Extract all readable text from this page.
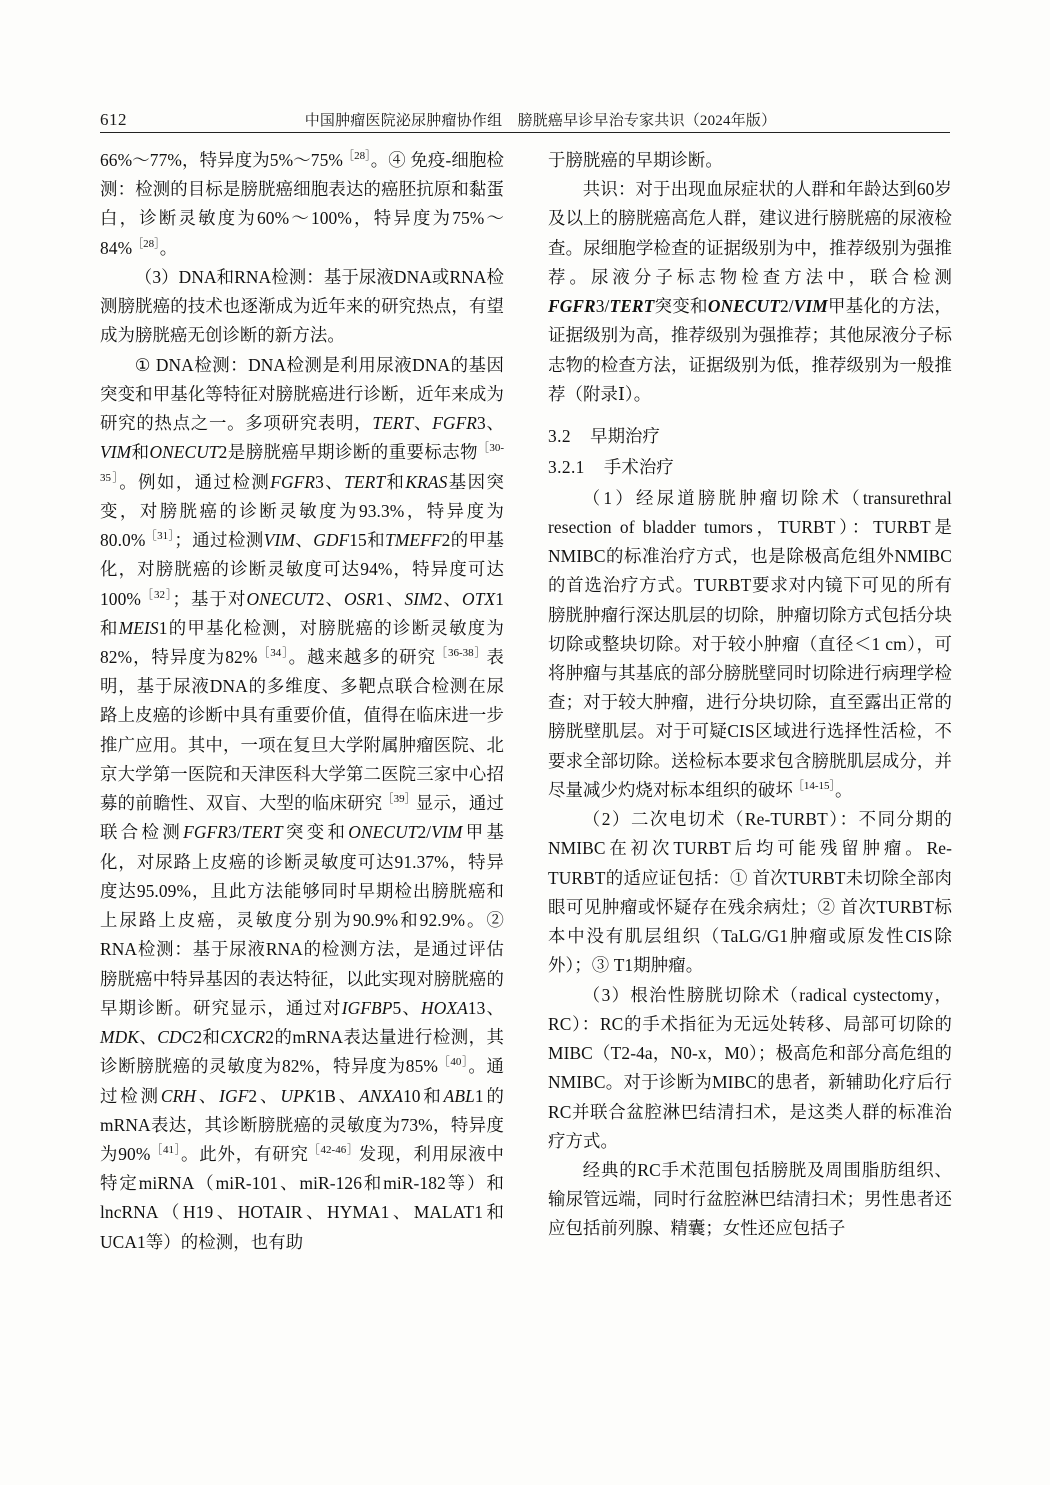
612	中国肿瘤医院泌尿肿瘤协作组　膀胱癌早诊早治专家共识（2024年版）

66%～77%，特异度为5%～75%$^{[28]}$。④ 免疫-细胞检测：检测的目标是膀胱癌细胞表达的癌胚抗原和黏蛋白，诊断灵敏度为60%～100%，特异度为75%～84%$^{[28]}$。

（3）DNA和RNA检测：基于尿液DNA或RNA检测膀胱癌的技术也逐渐成为近年来的研究热点，有望成为膀胱癌无创诊断的新方法。

① DNA检测：DNA检测是利用尿液DNA的基因突变和甲基化等特征对膀胱癌进行诊断，近年来成为研究的热点之一。多项研究表明，TERT、FGFR3、VIM和ONECUT2是膀胱癌早期诊断的重要标志物$^{[30-35]}$。例如，通过检测FGFR3、TERT和KRAS基因突变，对膀胱癌的诊断灵敏度为93.3%，特异度为80.0%$^{[31]}$；通过检测VIM、GDF15和TMEFF2的甲基化，对膀胱癌的诊断灵敏度可达94%，特异度可达100%$^{[32]}$；基于对ONECUT2、OSR1、SIM2、OTX1和MEIS1的甲基化检测，对膀胱癌的诊断灵敏度为82%，特异度为82%$^{[34]}$。越来越多的研究$^{[36-38]}$表明，基于尿液DNA的多维度、多靶点联合检测在尿路上皮癌的诊断中具有重要价值，值得在临床进一步推广应用。其中，一项在复旦大学附属肿瘤医院、北京大学第一医院和天津医科大学第二医院三家中心招募的前瞻性、双盲、大型的临床研究$^{[39]}$显示，通过联合检测FGFR3/TERT突变和ONECUT2/VIM甲基化，对尿路上皮癌的诊断灵敏度可达91.37%，特异度达95.09%，且此方法能够同时早期检出膀胱癌和上尿路上皮癌，灵敏度分别为90.9%和92.9%。② RNA检测：基于尿液RNA的检测方法，是通过评估膀胱癌中特异基因的表达特征，以此实现对膀胱癌的早期诊断。研究显示，通过对IGFBP5、HOXA13、MDK、CDC2和CXCR2的mRNA表达量进行检测，其诊断膀胱癌的灵敏度为82%，特异度为85%$^{[40]}$。通过检测CRH、IGF2、UPK1B、ANXA10和ABL1的mRNA表达，其诊断膀胱癌的灵敏度为73%，特异度为90%$^{[41]}$。此外，有研究$^{[42-46]}$发现，利用尿液中特定miRNA（miR-101、miR-126和miR-182等）和lncRNA（H19、HOTAIR、HYMA1、MALAT1和UCA1等）的检测，也有助

于膀胱癌的早期诊断。

共识：对于出现血尿症状的人群和年龄达到60岁及以上的膀胱癌高危人群，建议进行膀胱癌的尿液检查。尿细胞学检查的证据级别为中，推荐级别为强推荐。尿液分子标志物检查方法中，联合检测FGFR3/TERT突变和ONECUT2/VIM甲基化的方法，证据级别为高，推荐级别为强推荐；其他尿液分子标志物的检查方法，证据级别为低，推荐级别为一般推荐（附录Ⅰ）。

3.2 早期治疗

3.2.1 手术治疗

（1）经尿道膀胱肿瘤切除术（transurethral resection of bladder tumors，TURBT）：TURBT是NMIBC的标准治疗方式，也是除极高危组外NMIBC的首选治疗方式。TURBT要求对内镜下可见的所有膀胱肿瘤行深达肌层的切除，肿瘤切除方式包括分块切除或整块切除。对于较小肿瘤（直径＜1 cm），可将肿瘤与其基底的部分膀胱壁同时切除进行病理学检查；对于较大肿瘤，进行分块切除，直至露出正常的膀胱壁肌层。对于可疑CIS区域进行选择性活检，不要求全部切除。送检标本要求包含膀胱肌层成分，并尽量减少灼烧对标本组织的破坏$^{[14-15]}$。

（2）二次电切术（Re-TURBT）：不同分期的NMIBC在初次TURBT后均可能残留肿瘤。Re-TURBT的适应证包括：① 首次TURBT未切除全部肉眼可见肿瘤或怀疑存在残余病灶；② 首次TURBT标本中没有肌层组织（TaLG/G1肿瘤或原发性CIS除外）；③ T1期肿瘤。

（3）根治性膀胱切除术（radical cystectomy，RC）：RC的手术指征为无远处转移、局部可切除的MIBC（T2-4a，N0-x，M0）；极高危和部分高危组的NMIBC。对于诊断为MIBC的患者，新辅助化疗后行RC并联合盆腔淋巴结清扫术，是这类人群的标准治疗方式。

经典的RC手术范围包括膀胱及周围脂肪组织、输尿管远端，同时行盆腔淋巴结清扫术；男性患者还应包括前列腺、精囊；女性还应包括子
